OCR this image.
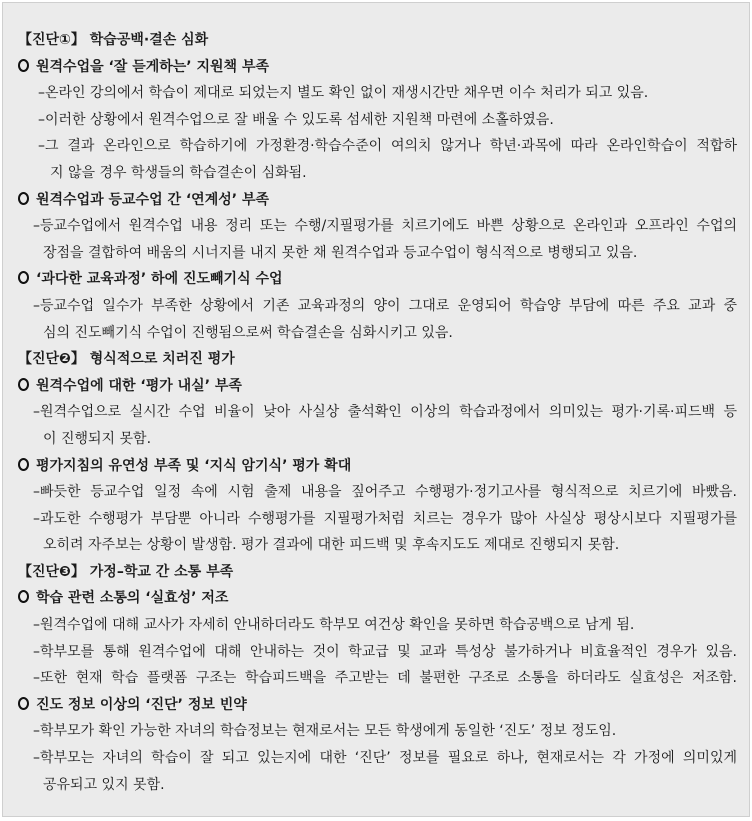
【진단①】 학습공백·결손 심화
원격수업을 ‘잘 듣게하는’ 지원책 부족
–온라인 강의에서 학습이 제대로 되었는지 별도 확인 없이 재생시간만 채우면 이수 처리가 되고 있음.
–이러한 상황에서 원격수업으로 잘 배울 수 있도록 섬세한 지원책 마련에 소홀하였음.
–그 결과 온라인으로 학습하기에 가정환경·학습수준이 여의치 않거나 학년·과목에 따라 온라인학습이 적합하
지 않을 경우 학생들의 학습결손이 심화됨.
원격수업과 등교수업 간 ‘연계성’ 부족
–등교수업에서 원격수업 내용 정리 또는 수행/지필평가를 치르기에도 바쁜 상황으로 온라인과 오프라인 수업의
장점을 결합하여 배움의 시너지를 내지 못한 채 원격수업과 등교수업이 형식적으로 병행되고 있음.
‘과다한 교육과정’ 하에 진도빼기식 수업
–등교수업 일수가 부족한 상황에서 기존 교육과정의 양이 그대로 운영되어 학습양 부담에 따른 주요 교과 중
심의 진도빼기식 수업이 진행됨으로써 학습결손을 심화시키고 있음.
【진단❷】 형식적으로 치러진 평가
원격수업에 대한 ‘평가 내실’ 부족
–원격수업으로 실시간 수업 비율이 낮아 사실상 출석확인 이상의 학습과정에서 의미있는 평가·기록·피드백 등
이 진행되지 못함.
평가지침의 유연성 부족 및 ‘지식 암기식’ 평가 확대
–빠듯한 등교수업 일정 속에 시험 출제 내용을 짚어주고 수행평가·정기고사를 형식적으로 치르기에 바빴음.
–과도한 수행평가 부담뿐 아니라 수행평가를 지필평가처럼 치르는 경우가 많아 사실상 평상시보다 지필평가를
오히려 자주보는 상황이 발생함. 평가 결과에 대한 피드백 및 후속지도도 제대로 진행되지 못함.
【진단❸】 가정–학교 간 소통 부족
학습 관련 소통의 ‘실효성’ 저조
–원격수업에 대해 교사가 자세히 안내하더라도 학부모 여건상 확인을 못하면 학습공백으로 남게 됨.
–학부모를 통해 원격수업에 대해 안내하는 것이 학교급 및 교과 특성상 불가하거나 비효율적인 경우가 있음.
–또한 현재 학습 플랫폼 구조는 학습피드백을 주고받는 데 불편한 구조로 소통을 하더라도 실효성은 저조함.
진도 정보 이상의 ‘진단’ 정보 빈약
–학부모가 확인 가능한 자녀의 학습정보는 현재로서는 모든 학생에게 동일한 ‘진도’ 정보 정도임.
–학부모는 자녀의 학습이 잘 되고 있는지에 대한 ‘진단’ 정보를 필요로 하나, 현재로서는 각 가정에 의미있게
공유되고 있지 못함.
